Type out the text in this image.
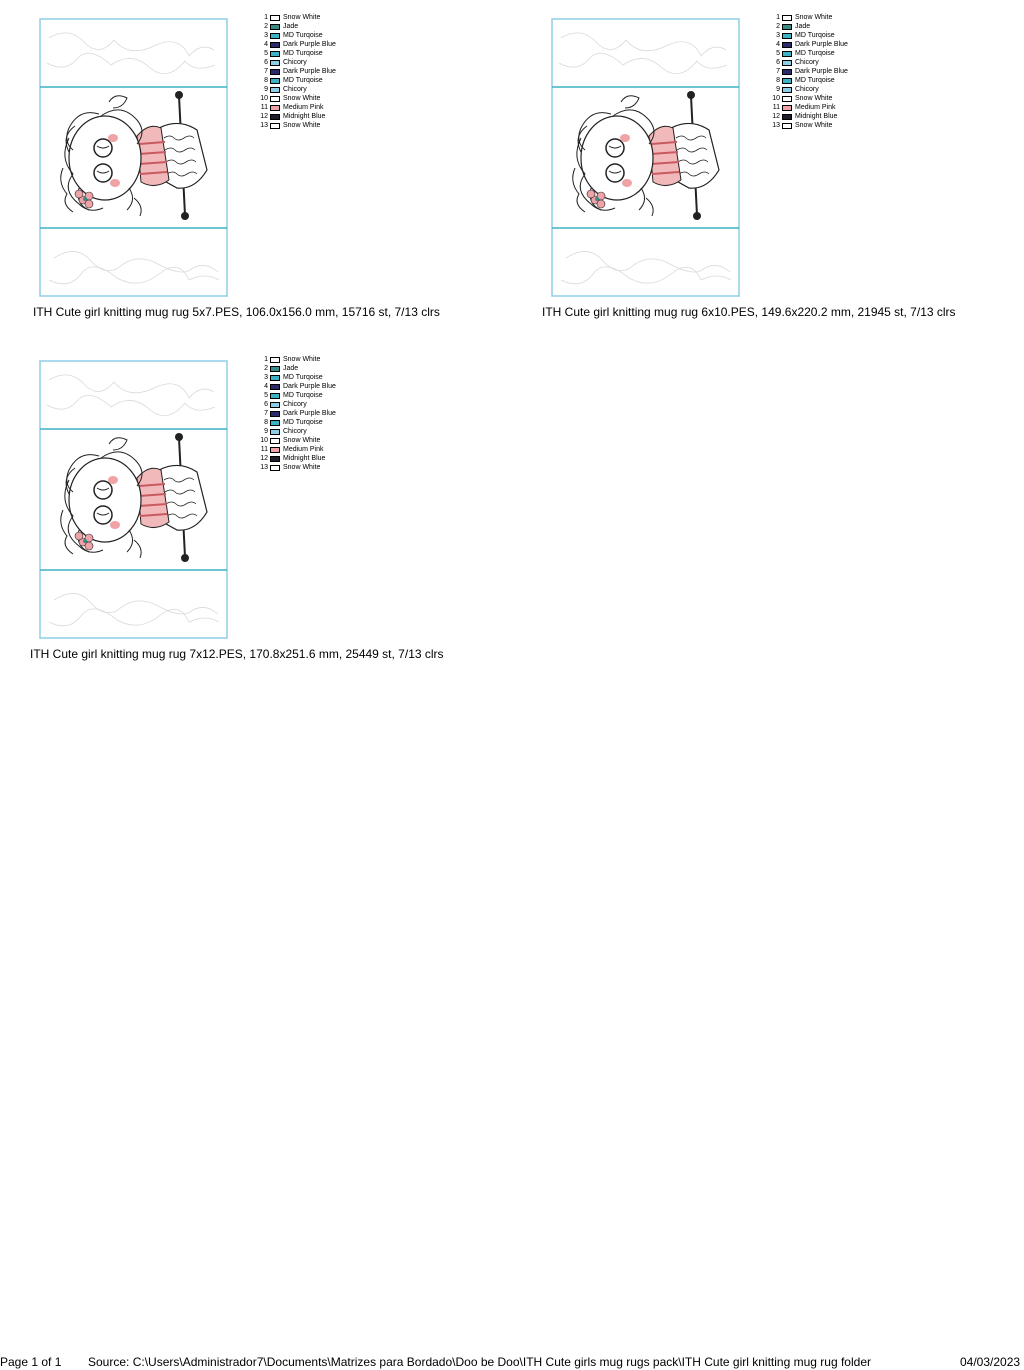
1 Snow White
2 Jade
3 MD Turqoise
4 Dark Purple Blue
5 MD Turqoise
6 Chicory
7 Dark Purple Blue
8 MD Turqoise
9 Chicory
10 Snow White
11 Medium Pink
12 Midnight Blue
13 Snow White
ITH Cute girl knitting mug rug 5x7.PES, 106.0x156.0 mm, 15716 st, 7/13 clrs
1 Snow White
2 Jade
3 MD Turqoise
4 Dark Purple Blue
5 MD Turqoise
6 Chicory
7 Dark Purple Blue
8 MD Turqoise
9 Chicory
10 Snow White
11 Medium Pink
12 Midnight Blue
13 Snow White
ITH Cute girl knitting mug rug 6x10.PES, 149.6x220.2 mm, 21945 st, 7/13 clrs
1 Snow White
2 Jade
3 MD Turqoise
4 Dark Purple Blue
5 MD Turqoise
6 Chicory
7 Dark Purple Blue
8 MD Turqoise
9 Chicory
10 Snow White
11 Medium Pink
12 Midnight Blue
13 Snow White
ITH Cute girl knitting mug rug 7x12.PES, 170.8x251.6 mm, 25449 st, 7/13 clrs
Page 1 of 1 Source: C:\Users\Administrador7\Documents\Matrizes para Bordado\Doo be Doo\ITH Cute girls mug rugs pack\ITH Cute girl knitting mug rug folder	04/03/2023
